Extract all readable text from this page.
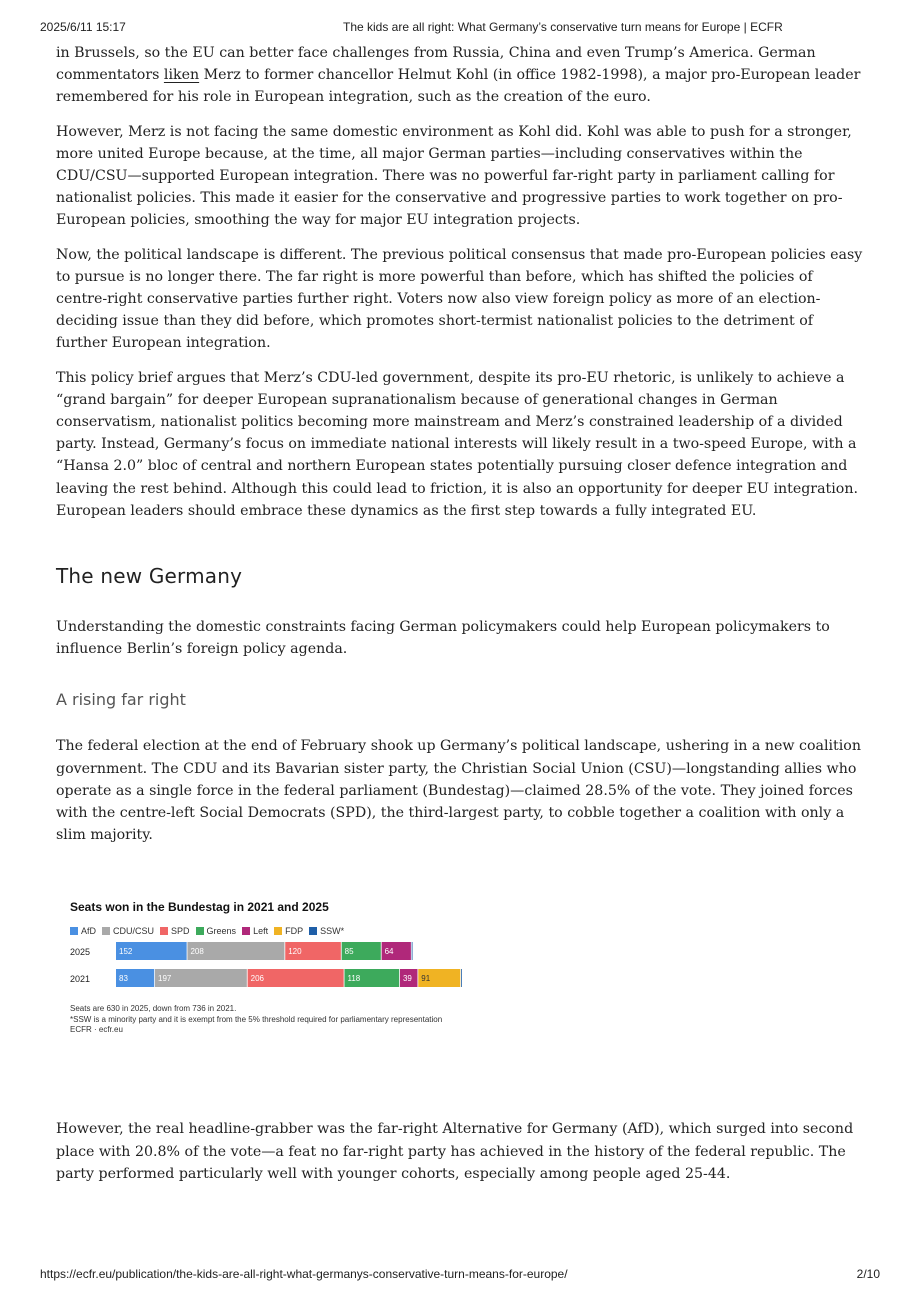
2025/6/11 15:17	The kids are all right: What Germany’s conservative turn means for Europe | ECFR

in Brussels, so the EU can better face challenges from Russia, China and even Trump’s America. German commentators liken Merz to former chancellor Helmut Kohl (in office 1982-1998), a major pro-European leader remembered for his role in European integration, such as the creation of the euro.

However, Merz is not facing the same domestic environment as Kohl did. Kohl was able to push for a stronger, more united Europe because, at the time, all major German parties—including conservatives within the CDU/CSU—supported European integration. There was no powerful far-right party in parliament calling for nationalist policies. This made it easier for the conservative and progressive parties to work together on pro-European policies, smoothing the way for major EU integration projects.

Now, the political landscape is different. The previous political consensus that made pro-European policies easy to pursue is no longer there. The far right is more powerful than before, which has shifted the policies of centre-right conservative parties further right. Voters now also view foreign policy as more of an election-deciding issue than they did before, which promotes short-termist nationalist policies to the detriment of further European integration.

This policy brief argues that Merz’s CDU-led government, despite its pro-EU rhetoric, is unlikely to achieve a “grand bargain” for deeper European supranationalism because of generational changes in German conservatism, nationalist politics becoming more mainstream and Merz’s constrained leadership of a divided party. Instead, Germany’s focus on immediate national interests will likely result in a two-speed Europe, with a “Hansa 2.0” bloc of central and northern European states potentially pursuing closer defence integration and leaving the rest behind. Although this could lead to friction, it is also an opportunity for deeper EU integration. European leaders should embrace these dynamics as the first step towards a fully integrated EU.

The new Germany

Understanding the domestic constraints facing German policymakers could help European policymakers to influence Berlin’s foreign policy agenda.

A rising far right

The federal election at the end of February shook up Germany’s political landscape, ushering in a new coalition government. The CDU and its Bavarian sister party, the Christian Social Union (CSU)—longstanding allies who operate as a single force in the federal parliament (Bundestag)—claimed 28.5% of the vote. They joined forces with the centre-left Social Democrats (SPD), the third-largest party, to cobble together a coalition with only a slim majority.

Seats won in the Bundestag in 2021 and 2025
AfD CDU/CSU SPD Greens Left FDP SSW*
2025	152	208	120	85	64
2021	83	197	206	118	39 91
Seats are 630 in 2025, down from 736 in 2021.
*SSW is a minority party and it is exempt from the 5% threshold required for parliamentary representation
ECFR · ecfr.eu

However, the real headline-grabber was the far-right Alternative for Germany (AfD), which surged into second place with 20.8% of the vote—a feat no far-right party has achieved in the history of the federal republic. The party performed particularly well with younger cohorts, especially among people aged 25-44.

https://ecfr.eu/publication/the-kids-are-all-right-what-germanys-conservative-turn-means-for-europe/	2/10
